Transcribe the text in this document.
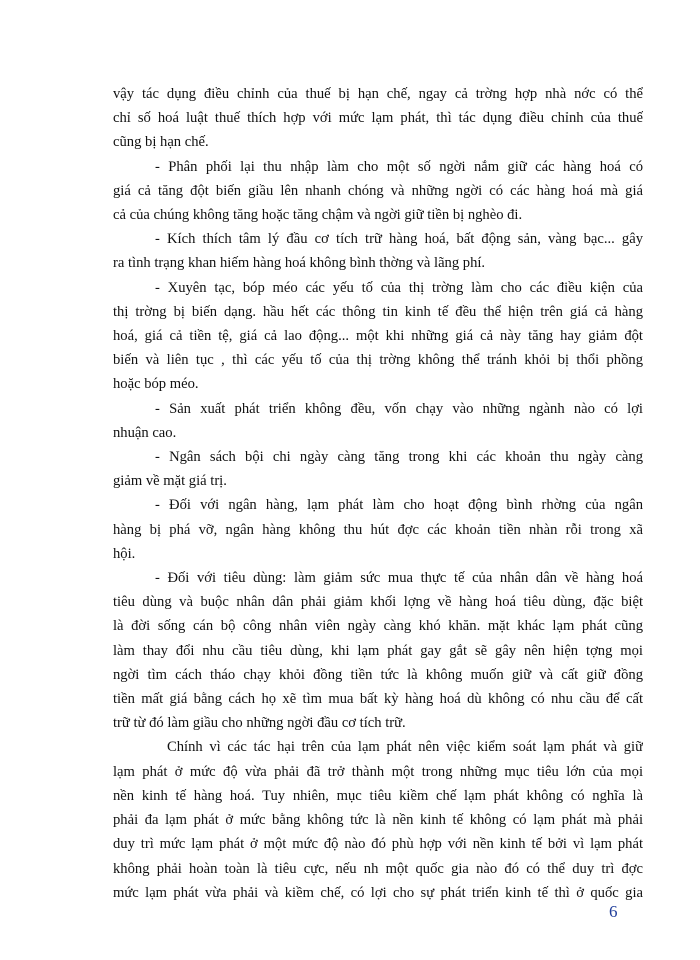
vậy tác dụng điều chỉnh của thuế bị hạn chế, ngay cả trờng hợp nhà nớc có thể
chỉ số hoá luật thuế thích hợp với mức lạm phát, thì tác dụng điều chỉnh của thuế
cũng bị hạn chế.
- Phân phối lại thu nhập làm cho một số ngời nắm giữ các hàng hoá có
giá cả tăng đột biến giầu lên nhanh chóng và những ngời có các hàng hoá mà giá
cả của chúng không tăng hoặc tăng chậm và ngời giữ tiền bị nghèo đi.
- Kích thích tâm lý đầu cơ tích trữ hàng hoá, bất động sản, vàng bạc... gây
ra tình trạng khan hiếm hàng hoá không bình thờng và lãng phí.
- Xuyên tạc, bóp méo các yếu tố của thị trờng làm cho các điều kiện của
thị trờng bị biến dạng. hầu hết các thông tin kinh tế đều thể hiện trên giá cả hàng
hoá, giá cả tiền tệ, giá cả lao động... một khi những giá cả này tăng hay giảm đột
biến và liên tục , thì các yếu tố của thị trờng không thể tránh khỏi bị thổi phồng
hoặc bóp méo.
- Sản xuất phát triển không đều, vốn chạy vào những ngành nào có lợi
nhuận cao.
- Ngân sách bội chi ngày càng tăng trong khi các khoản thu ngày càng
giảm về mặt giá trị.
- Đối với ngân hàng, lạm phát làm cho hoạt động bình rhờng của ngân
hàng bị phá vỡ, ngân hàng không thu hút đợc các khoản tiền nhàn rỗi trong xã
hội.
- Đối với tiêu dùng: làm giảm sức mua thực tế của nhân dân về hàng hoá
tiêu dùng và buộc nhân dân phải giảm khối lợng về hàng hoá tiêu dùng, đặc biệt
là đời sống cán bộ công nhân viên ngày càng khó khăn. mặt khác lạm phát cũng
làm thay đổi nhu cầu tiêu dùng, khi lạm phát gay gắt sẽ gây nên hiện tợng mọi
ngời tìm cách tháo chạy khỏi đồng tiền tức là không muốn giữ và cất giữ đồng
tiền mất giá bằng cách họ xẽ tìm mua bất kỳ hàng hoá dù không có nhu cầu để cất
trữ từ đó làm giầu cho những ngời đầu cơ tích trữ.
Chính vì các tác hại trên của lạm phát nên việc kiểm soát lạm phát và giữ
lạm phát ở mức độ vừa phải đã trở thành một trong những mục tiêu lớn của mọi
nền kinh tế hàng hoá. Tuy nhiên, mục tiêu kiềm chế lạm phát không có nghĩa là
phải đa lạm phát ở mức bằng không tức là nền kinh tế không có lạm phát mà phải
duy trì mức lạm phát ở một mức độ nào đó phù hợp với nền kinh tế bởi vì lạm phát
không phải hoàn toàn là tiêu cực, nếu nh một quốc gia nào đó có thể duy trì đợc
mức lạm phát vừa phải và kiềm chế, có lợi cho sự phát triển kinh tế thì ở quốc gia
6
